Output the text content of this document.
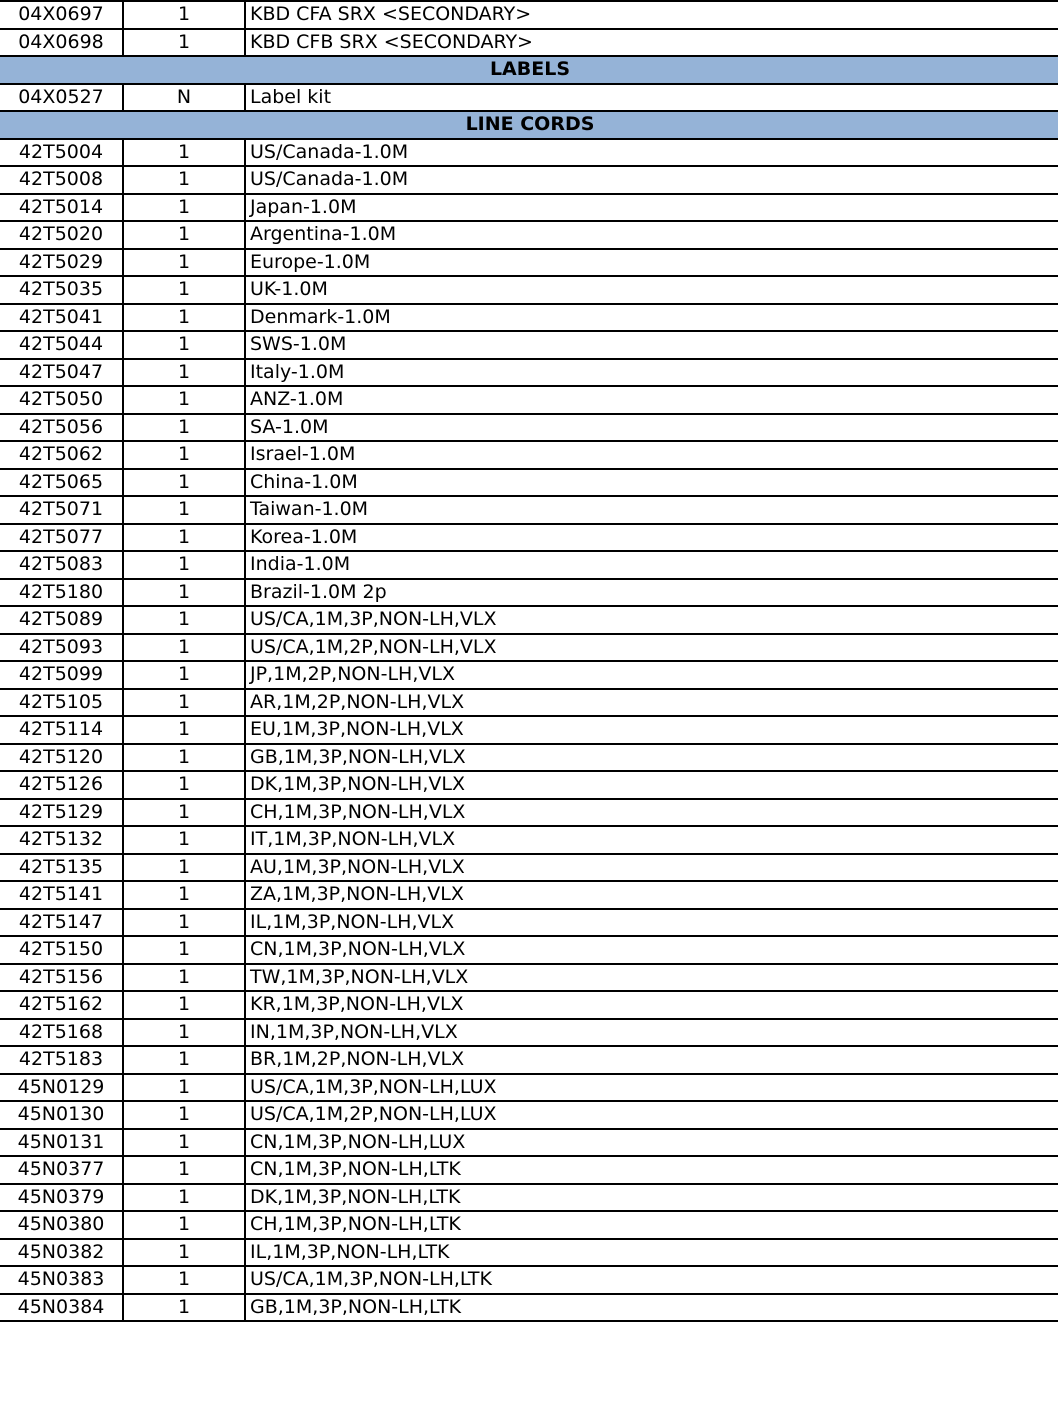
04X0697	1	KBD CFA SRX <SECONDARY>
04X0698	1	KBD CFB SRX <SECONDARY>
LABELS		
04X0527	N	Label kit
LINE CORDS		
42T5004	1	US/Canada-1.0M
42T5008	1	US/Canada-1.0M
42T5014	1	Japan-1.0M
42T5020	1	Argentina-1.0M
42T5029	1	Europe-1.0M
42T5035	1	UK-1.0M
42T5041	1	Denmark-1.0M
42T5044	1	SWS-1.0M
42T5047	1	Italy-1.0M
42T5050	1	ANZ-1.0M
42T5056	1	SA-1.0M
42T5062	1	Israel-1.0M
42T5065	1	China-1.0M
42T5071	1	Taiwan-1.0M
42T5077	1	Korea-1.0M
42T5083	1	India-1.0M
42T5180	1	Brazil-1.0M 2p
42T5089	1	US/CA,1M,3P,NON-LH,VLX
42T5093	1	US/CA,1M,2P,NON-LH,VLX
42T5099	1	JP,1M,2P,NON-LH,VLX
42T5105	1	AR,1M,2P,NON-LH,VLX
42T5114	1	EU,1M,3P,NON-LH,VLX
42T5120	1	GB,1M,3P,NON-LH,VLX
42T5126	1	DK,1M,3P,NON-LH,VLX
42T5129	1	CH,1M,3P,NON-LH,VLX
42T5132	1	IT,1M,3P,NON-LH,VLX
42T5135	1	AU,1M,3P,NON-LH,VLX
42T5141	1	ZA,1M,3P,NON-LH,VLX
42T5147	1	IL,1M,3P,NON-LH,VLX
42T5150	1	CN,1M,3P,NON-LH,VLX
42T5156	1	TW,1M,3P,NON-LH,VLX
42T5162	1	KR,1M,3P,NON-LH,VLX
42T5168	1	IN,1M,3P,NON-LH,VLX
42T5183	1	BR,1M,2P,NON-LH,VLX
45N0129	1	US/CA,1M,3P,NON-LH,LUX
45N0130	1	US/CA,1M,2P,NON-LH,LUX
45N0131	1	CN,1M,3P,NON-LH,LUX
45N0377	1	CN,1M,3P,NON-LH,LTK
45N0379	1	DK,1M,3P,NON-LH,LTK
45N0380	1	CH,1M,3P,NON-LH,LTK
45N0382	1	IL,1M,3P,NON-LH,LTK
45N0383	1	US/CA,1M,3P,NON-LH,LTK
45N0384	1	GB,1M,3P,NON-LH,LTK
